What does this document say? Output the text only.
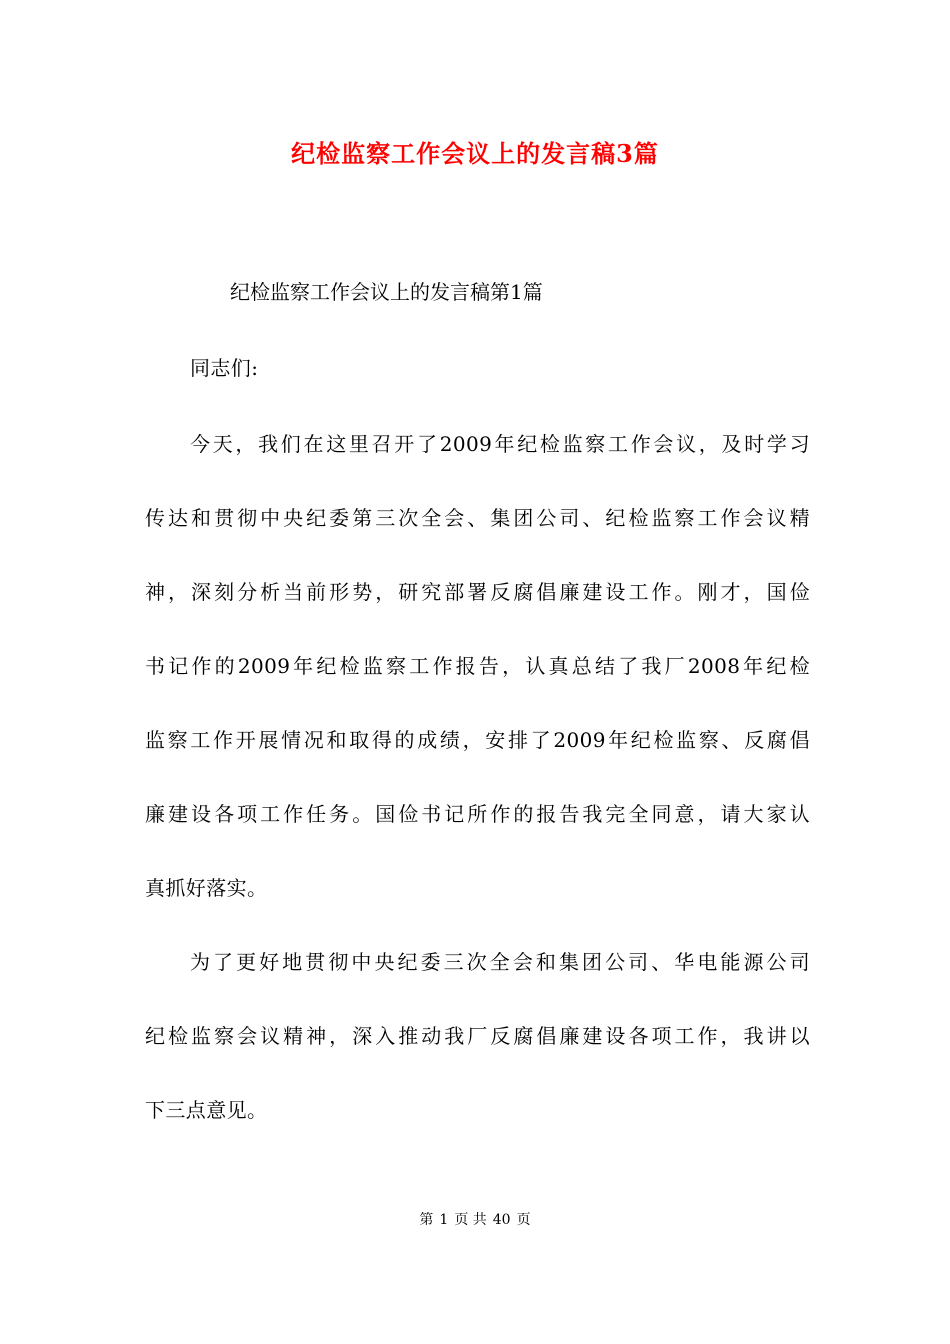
纪检监察工作会议上的发言稿3篇
纪检监察工作会议上的发言稿第1篇
同志们:
今天，我们在这里召开了2009年纪检监察工作会议，及时学习
传达和贯彻中央纪委第三次全会、集团公司、纪检监察工作会议精
神，深刻分析当前形势，研究部署反腐倡廉建设工作。刚才，国俭
书记作的2009年纪检监察工作报告，认真总结了我厂2008年纪检
监察工作开展情况和取得的成绩，安排了2009年纪检监察、反腐倡
廉建设各项工作任务。国俭书记所作的报告我完全同意，请大家认
真抓好落实。
为了更好地贯彻中央纪委三次全会和集团公司、华电能源公司
纪检监察会议精神，深入推动我厂反腐倡廉建设各项工作，我讲以
下三点意见。
第 1 页 共 40 页
